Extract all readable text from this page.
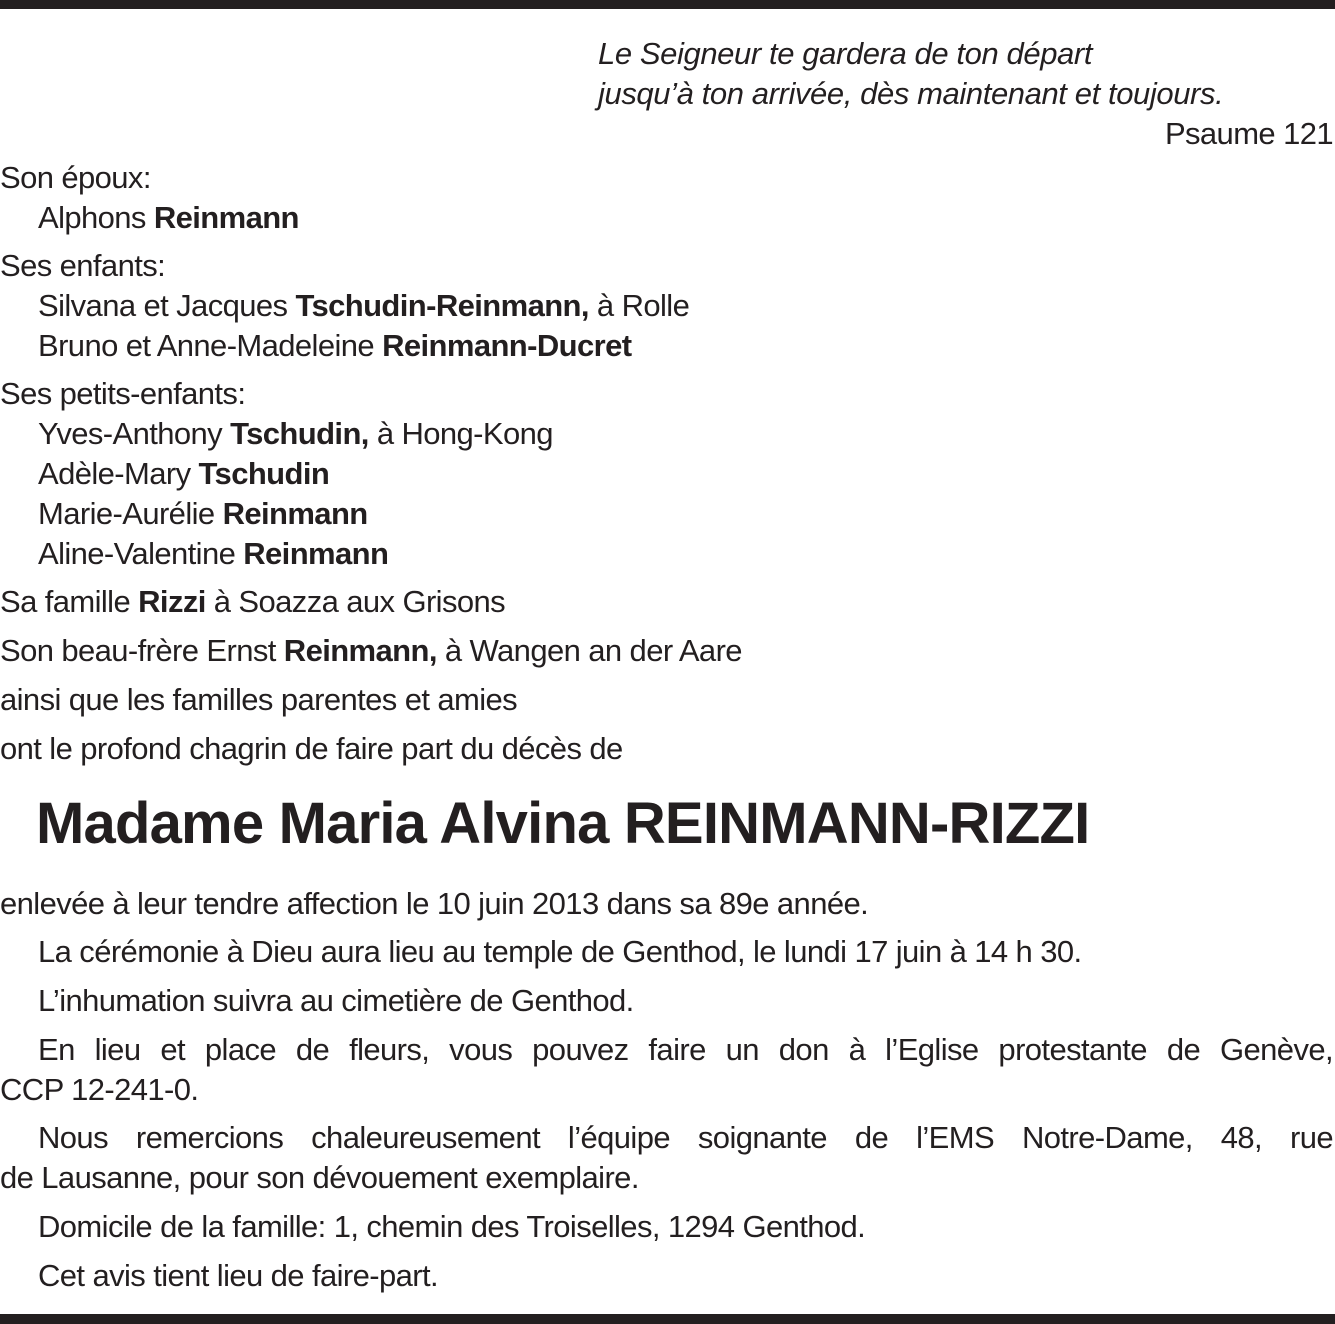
Le Seigneur te gardera de ton départ
jusqu’à ton arrivée, dès maintenant et toujours.
Psaume 121
Son époux:
Alphons Reinmann
Ses enfants:
Silvana et Jacques Tschudin-Reinmann, à Rolle
Bruno et Anne-Madeleine Reinmann-Ducret
Ses petits-enfants:
Yves-Anthony Tschudin, à Hong-Kong
Adèle-Mary Tschudin
Marie-Aurélie Reinmann
Aline-Valentine Reinmann
Sa famille Rizzi à Soazza aux Grisons
Son beau-frère Ernst Reinmann, à Wangen an der Aare
ainsi que les familles parentes et amies
ont le profond chagrin de faire part du décès de
Madame Maria Alvina REINMANN-RIZZI
enlevée à leur tendre affection le 10 juin 2013 dans sa 89e année.
La cérémonie à Dieu aura lieu au temple de Genthod, le lundi 17 juin à 14 h 30.
L’inhumation suivra au cimetière de Genthod.
En lieu et place de fleurs, vous pouvez faire un don à l’Eglise protestante de Genève,
CCP 12-241-0.
Nous remercions chaleureusement l’équipe soignante de l’EMS Notre-Dame, 48, rue
de Lausanne, pour son dévouement exemplaire.
Domicile de la famille: 1, chemin des Troiselles, 1294 Genthod.
Cet avis tient lieu de faire-part.
